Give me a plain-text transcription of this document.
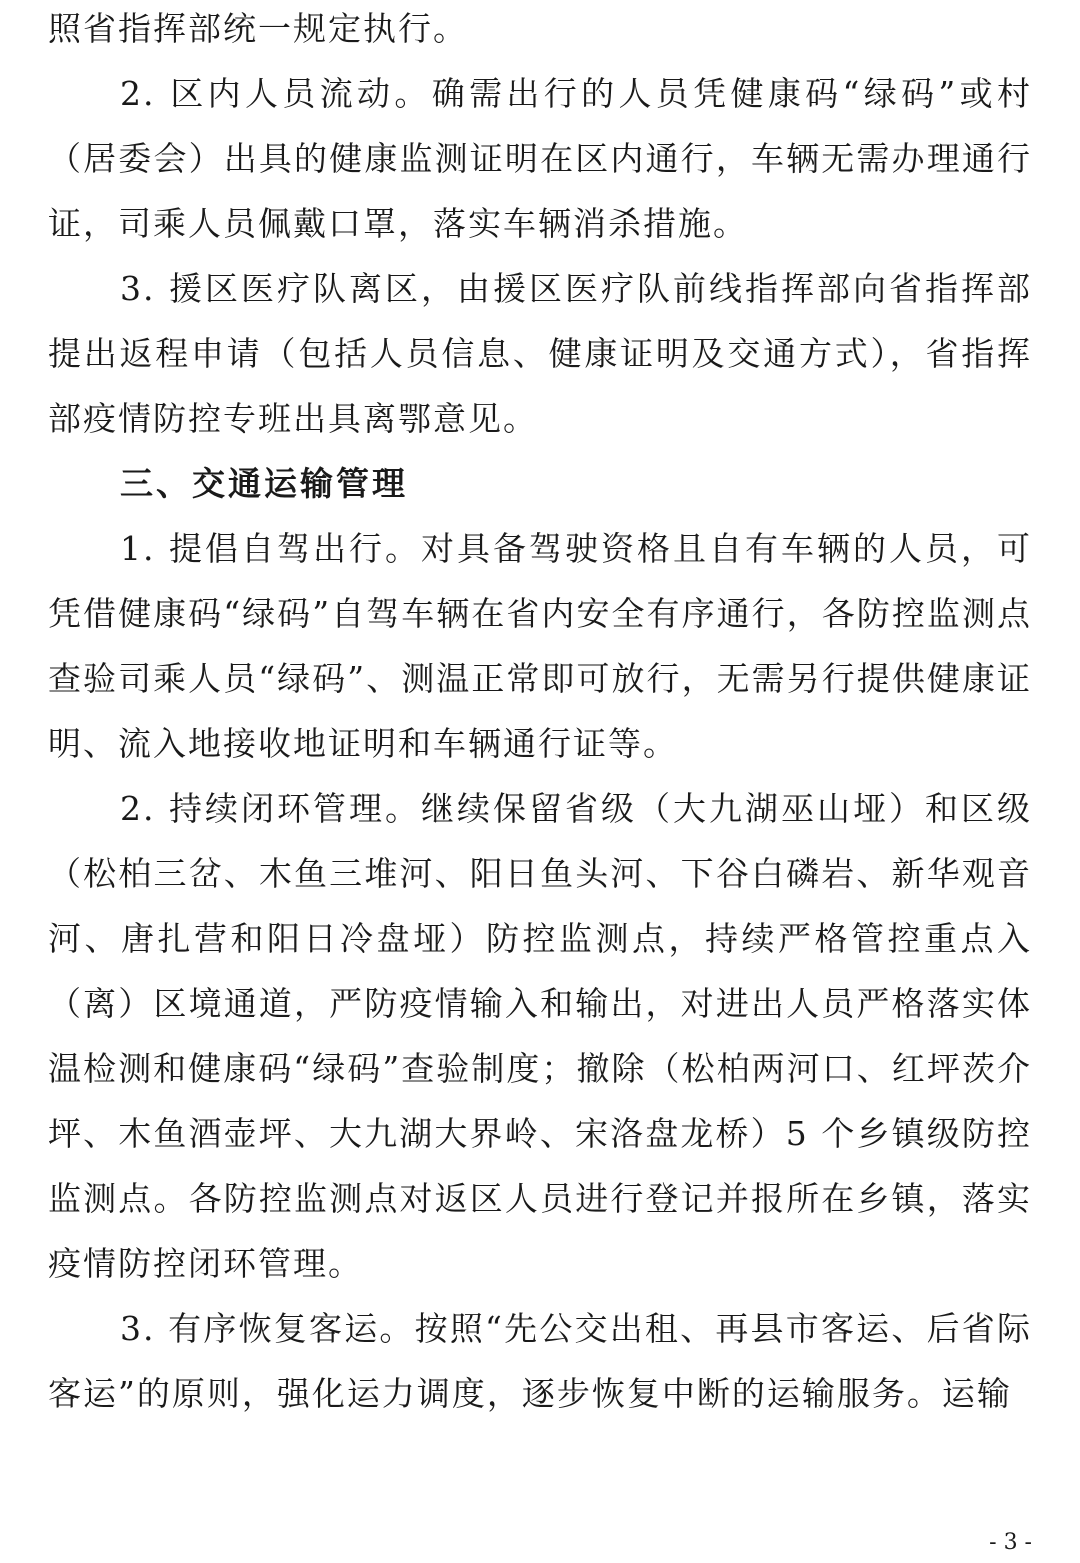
照省指挥部统一规定执行。

2. 区内人员流动。确需出行的人员凭健康码“绿码”或村（居委会）出具的健康监测证明在区内通行，车辆无需办理通行证，司乘人员佩戴口罩，落实车辆消杀措施。

3. 援区医疗队离区，由援区医疗队前线指挥部向省指挥部提出返程申请（包括人员信息、健康证明及交通方式），省指挥部疫情防控专班出具离鄂意见。

三、交通运输管理

1. 提倡自驾出行。对具备驾驶资格且自有车辆的人员，可凭借健康码“绿码”自驾车辆在省内安全有序通行，各防控监测点查验司乘人员“绿码”、测温正常即可放行，无需另行提供健康证明、流入地接收地证明和车辆通行证等。

2. 持续闭环管理。继续保留省级（大九湖巫山垭）和区级（松柏三岔、木鱼三堆河、阳日鱼头河、下谷白磷岩、新华观音河、唐扎营和阳日冷盘垭）防控监测点，持续严格管控重点入（离）区境通道，严防疫情输入和输出，对进出人员严格落实体温检测和健康码“绿码”查验制度；撤除（松柏两河口、红坪茨介坪、木鱼酒壶坪、大九湖大界岭、宋洛盘龙桥）5 个乡镇级防控监测点。各防控监测点对返区人员进行登记并报所在乡镇，落实疫情防控闭环管理。

3. 有序恢复客运。按照“先公交出租、再县市客运、后省际客运”的原则，强化运力调度，逐步恢复中断的运输服务。运输

- 3 -
